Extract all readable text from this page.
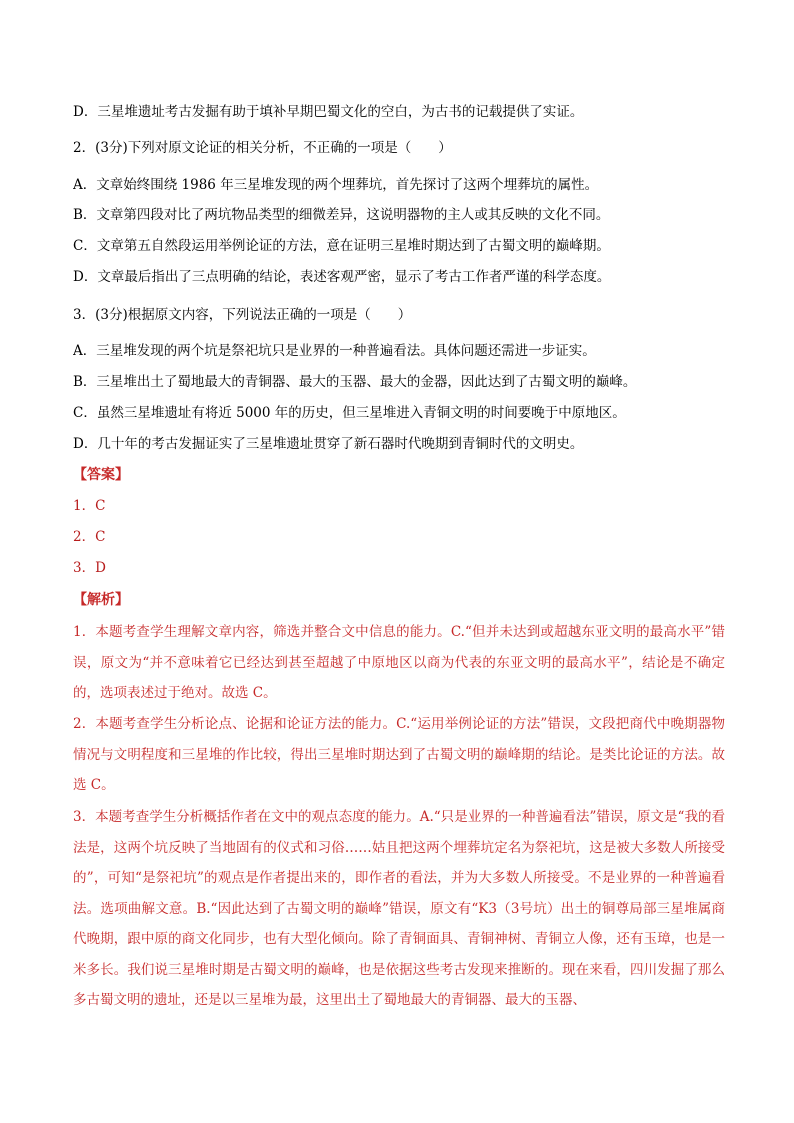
D．三星堆遗址考古发掘有助于填补早期巴蜀文化的空白，为古书的记载提供了实证。
2．(3分)下列对原文论证的相关分析，不正确的一项是（　　）
A．文章始终围绕 1986 年三星堆发现的两个埋葬坑，首先探讨了这两个埋葬坑的属性。
B．文章第四段对比了两坑物品类型的细微差异，这说明器物的主人或其反映的文化不同。
C．文章第五自然段运用举例论证的方法，意在证明三星堆时期达到了古蜀文明的巅峰期。
D．文章最后指出了三点明确的结论，表述客观严密，显示了考古工作者严谨的科学态度。
3．(3分)根据原文内容，下列说法正确的一项是（　　）
A．三星堆发现的两个坑是祭祀坑只是业界的一种普遍看法。具体问题还需进一步证实。
B．三星堆出土了蜀地最大的青铜器、最大的玉器、最大的金器，因此达到了古蜀文明的巅峰。
C．虽然三星堆遗址有将近 5000 年的历史，但三星堆进入青铜文明的时间要晚于中原地区。
D．几十年的考古发掘证实了三星堆遗址贯穿了新石器时代晚期到青铜时代的文明史。
【答案】
1．C
2．C
3．D
【解析】
1．本题考查学生理解文章内容，筛选并整合文中信息的能力。C.“但并未达到或超越东亚文明的最高水平”错误，原文为“并不意味着它已经达到甚至超越了中原地区以商为代表的东亚文明的最高水平”，结论是不确定的，选项表述过于绝对。故选 C。
2．本题考查学生分析论点、论据和论证方法的能力。C.“运用举例论证的方法”错误，文段把商代中晚期器物情况与文明程度和三星堆的作比较，得出三星堆时期达到了古蜀文明的巅峰期的结论。是类比论证的方法。故选 C。
3．本题考查学生分析概括作者在文中的观点态度的能力。A.“只是业界的一种普遍看法”错误，原文是“我的看法是，这两个坑反映了当地固有的仪式和习俗……姑且把这两个埋葬坑定名为祭祀坑，这是被大多数人所接受的”，可知“是祭祀坑”的观点是作者提出来的，即作者的看法，并为大多数人所接受。不是业界的一种普遍看法。选项曲解文意。B.“因此达到了古蜀文明的巅峰”错误，原文有“K3（3号坑）出土的铜尊局部三星堆属商代晚期，跟中原的商文化同步，也有大型化倾向。除了青铜面具、青铜神树、青铜立人像，还有玉璋，也是一米多长。我们说三星堆时期是古蜀文明的巅峰，也是依据这些考古发现来推断的。现在来看，四川发掘了那么多古蜀文明的遗址，还是以三星堆为最，这里出土了蜀地最大的青铜器、最大的玉器、
